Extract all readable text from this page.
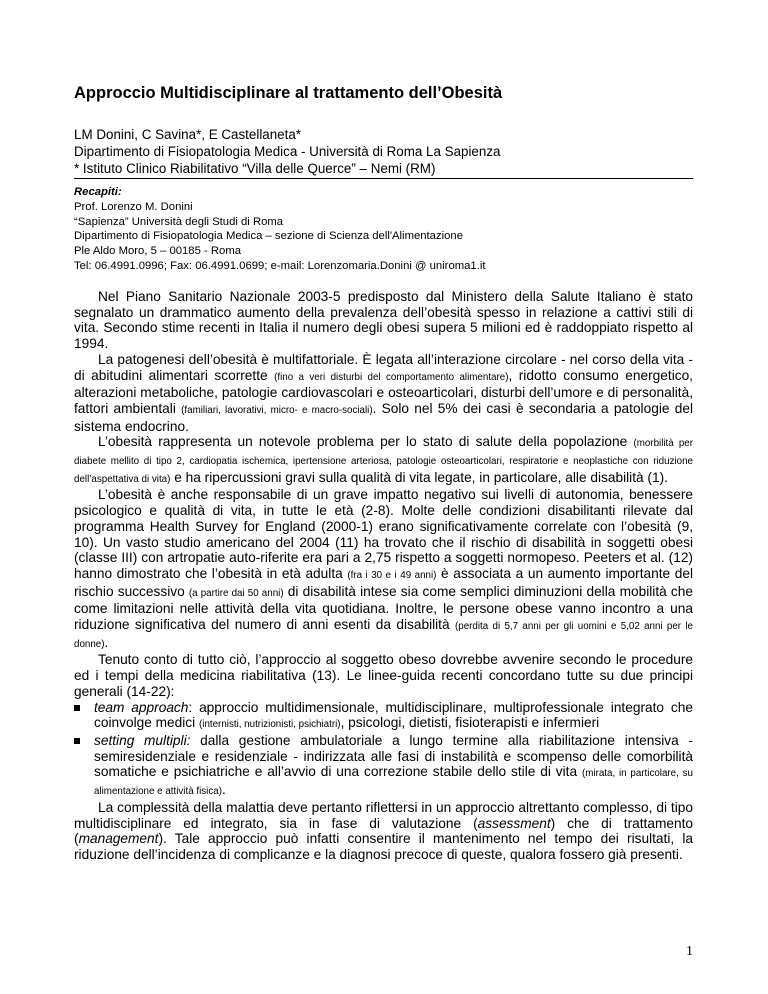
Approccio Multidisciplinare al trattamento dell’Obesità
LM Donini, C Savina*, E Castellaneta*
Dipartimento di Fisiopatologia Medica - Università di Roma La Sapienza
* Istituto Clinico Riabilitativo “Villa delle Querce” – Nemi (RM)
Recapiti:
Prof. Lorenzo M. Donini
“Sapienza” Università degli Studi di Roma
Dipartimento di Fisiopatologia Medica – sezione di Scienza dell'Alimentazione
Ple Aldo Moro, 5 – 00185 - Roma
Tel: 06.4991.0996; Fax: 06.4991.0699; e-mail: Lorenzomaria.Donini @ uniroma1.it

Nel Piano Sanitario Nazionale 2003-5 predisposto dal Ministero della Salute Italiano è stato segnalato un drammatico aumento della prevalenza dell’obesità spesso in relazione a cattivi stili di vita. Secondo stime recenti in Italia il numero degli obesi supera 5 milioni ed è raddoppiato rispetto al 1994.

La patogenesi dell’obesità è multifattoriale. È legata all’interazione circolare - nel corso della vita - di abitudini alimentari scorrette (fino a veri disturbi del comportamento alimentare), ridotto consumo energetico, alterazioni metaboliche, patologie cardiovascolari e osteoarticolari, disturbi dell’umore e di personalità, fattori ambientali (familiari, lavorativi, micro- e macro-sociali). Solo nel 5% dei casi è secondaria a patologie del sistema endocrino.

L’obesità rappresenta un notevole problema per lo stato di salute della popolazione (morbilità per diabete mellito di tipo 2, cardiopatia ischemica, ipertensione arteriosa, patologie osteoarticolari, respiratorie e neoplastiche con riduzione dell’aspettativa di vita) e ha ripercussioni gravi sulla qualità di vita legate, in particolare, alle disabilità (1).

L’obesità è anche responsabile di un grave impatto negativo sui livelli di autonomia, benessere psicologico e qualità di vita, in tutte le età (2-8). Molte delle condizioni disabilitanti rilevate dal programma Health Survey for England (2000-1) erano significativamente correlate con l’obesità (9, 10). Un vasto studio americano del 2004 (11) ha trovato che il rischio di disabilità in soggetti obesi (classe III) con artropatie auto-riferite era pari a 2,75 rispetto a soggetti normopeso. Peeters et al. (12) hanno dimostrato che l’obesità in età adulta (fra i 30 e i 49 anni) è associata a un aumento importante del rischio successivo (a partire dai 50 anni) di disabilità intese sia come semplici diminuzioni della mobilità che come limitazioni nelle attività della vita quotidiana. Inoltre, le persone obese vanno incontro a una riduzione significativa del numero di anni esenti da disabilità (perdita di 5,7 anni per gli uomini e 5,02 anni per le donne).

Tenuto conto di tutto ciò, l’approccio al soggetto obeso dovrebbe avvenire secondo le procedure ed i tempi della medicina riabilitativa (13). Le linee-guida recenti concordano tutte su due principi generali (14-22):

team approach: approccio multidimensionale, multidisciplinare, multiprofessionale integrato che coinvolge medici (internisti, nutrizionisti, psichiatri), psicologi, dietisti, fisioterapisti e infermieri
setting multipli: dalla gestione ambulatoriale a lungo termine alla riabilitazione intensiva - semiresidenziale e residenziale - indirizzata alle fasi di instabilità e scompenso delle comorbilità somatiche e psichiatriche e all’avvio di una correzione stabile dello stile di vita (mirata, in particolare, su alimentazione e attività fisica).

La complessità della malattia deve pertanto riflettersi in un approccio altrettanto complesso, di tipo multidisciplinare ed integrato, sia in fase di valutazione (assessment) che di trattamento (management). Tale approccio può infatti consentire il mantenimento nel tempo dei risultati, la riduzione dell’incidenza di complicanze e la diagnosi precoce di queste, qualora fossero già presenti.

1
